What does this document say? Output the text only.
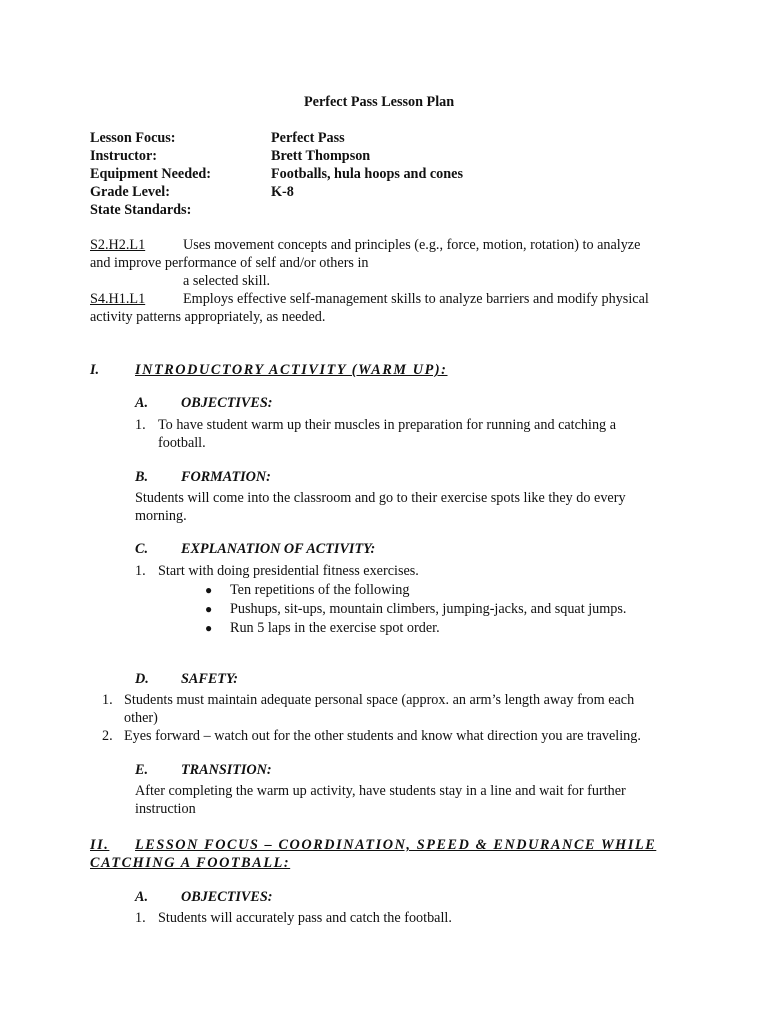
Perfect Pass Lesson Plan
Lesson Focus:	Perfect Pass
Instructor:	Brett Thompson
Equipment Needed:	Footballs, hula hoops and cones
Grade Level:	K-8
State Standards:
S2.H2.L1	Uses movement concepts and principles (e.g., force, motion, rotation) to analyze
and improve performance of self and/or others in
a selected skill.
S4.H1.L1	Employs effective self-management skills to analyze barriers and modify physical
activity patterns appropriately, as needed.
I.	INTRODUCTORY ACTIVITY (WARM UP):
A. OBJECTIVES:
1. To have student warm up their muscles in preparation for running and catching a
football.
B. FORMATION:
Students will come into the classroom and go to their exercise spots like they do every
morning.
C. EXPLANATION OF ACTIVITY:
1. Start with doing presidential fitness exercises.
● Ten repetitions of the following
● Pushups, sit-ups, mountain climbers, jumping-jacks, and squat jumps.
● Run 5 laps in the exercise spot order.
D. SAFETY:
1. Students must maintain adequate personal space (approx. an arm’s length away from each
other)
2. Eyes forward – watch out for the other students and know what direction you are traveling.
E. TRANSITION:
After completing the warm up activity, have students stay in a line and wait for further
instruction
II. LESSON FOCUS – COORDINATION, SPEED & ENDURANCE WHILE
CATCHING A FOOTBALL:
A. OBJECTIVES:
1. Students will accurately pass and catch the football.
